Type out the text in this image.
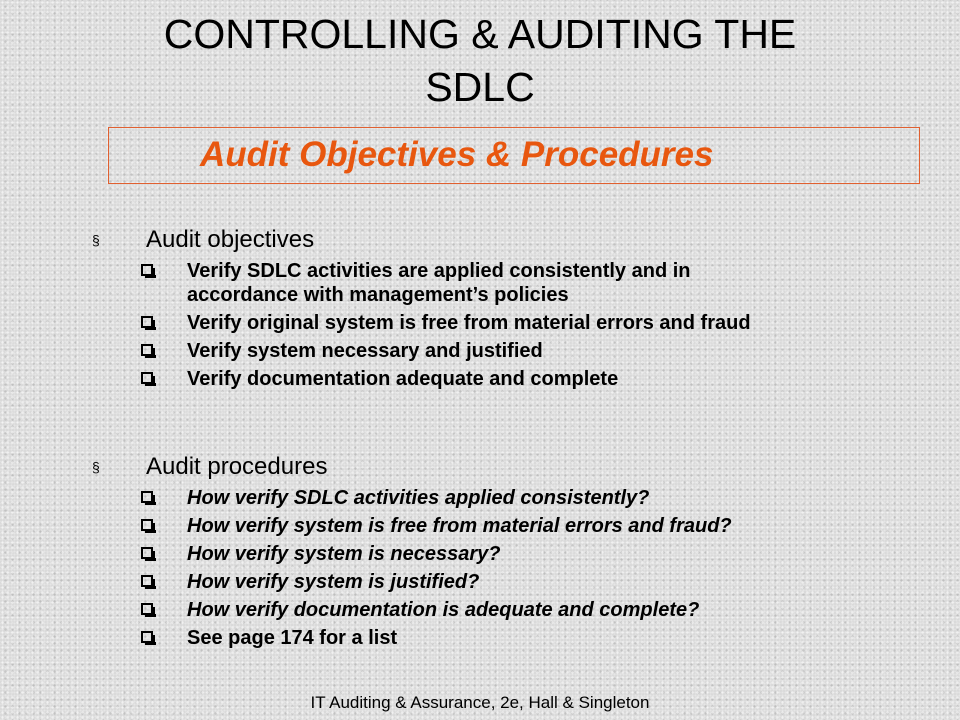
CONTROLLING & AUDITING THE
SDLC
Audit Objectives & Procedures
§ Audit objectives
Verify SDLC activities are applied consistently and in accordance with management’s policies
Verify original system is free from material errors and fraud
Verify system necessary and justified
Verify documentation adequate and complete
§ Audit procedures
How verify SDLC activities applied consistently?
How verify system is free from material errors and fraud?
How verify system is necessary?
How verify system is justified?
How verify documentation is adequate and complete?
See page 174 for a list
IT Auditing & Assurance, 2e, Hall & Singleton
